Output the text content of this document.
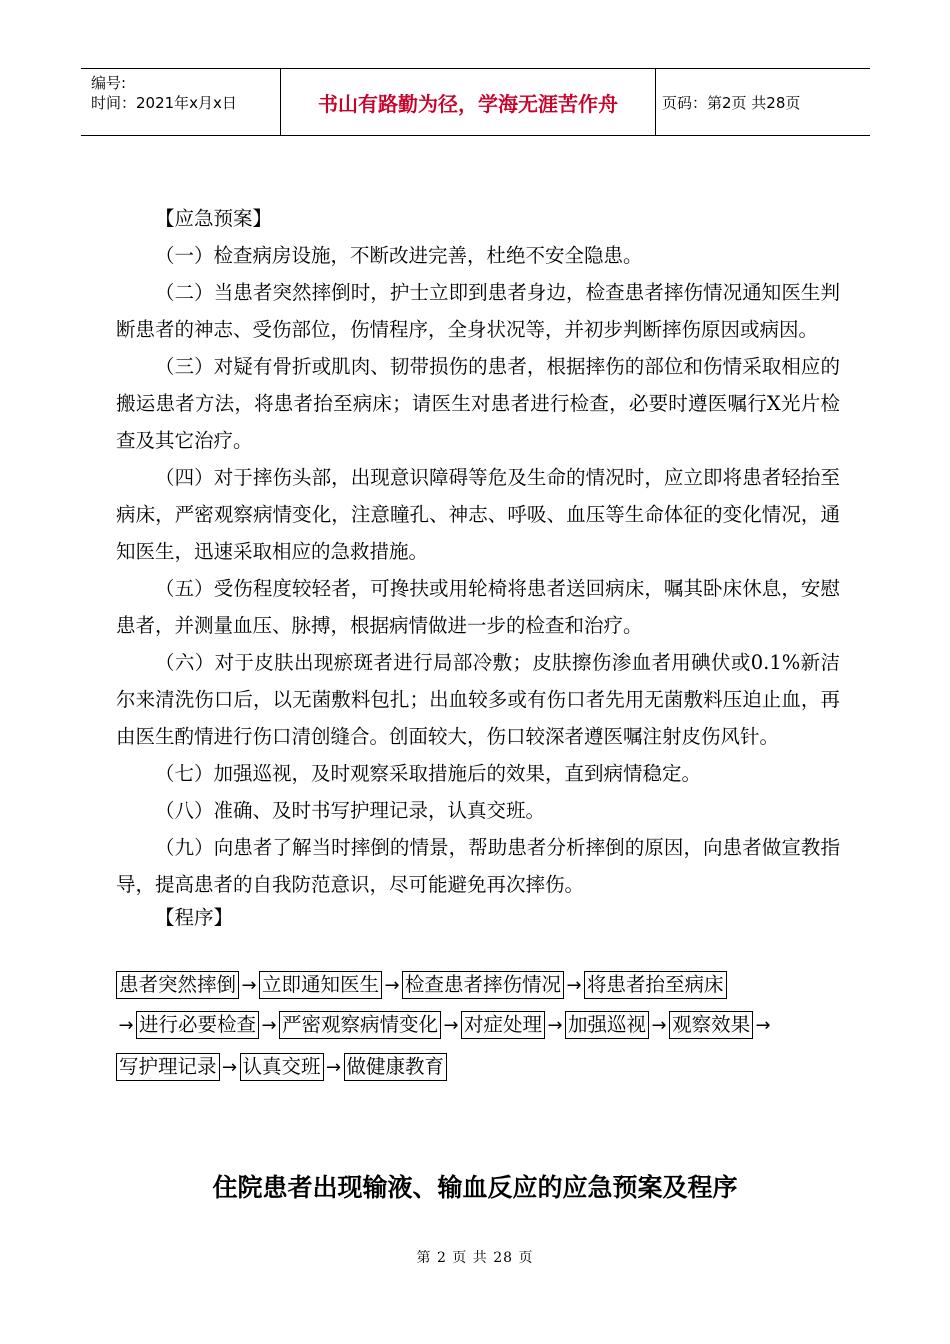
编号:
时间：2021年x月x日	书山有路勤为径，学海无涯苦作舟	页码：第2页 共28页

【应急预案】

（一）检查病房设施，不断改进完善，杜绝不安全隐患。

（二）当患者突然摔倒时，护士立即到患者身边，检查患者摔伤情况通知医生判断患者的神志、受伤部位，伤情程序，全身状况等，并初步判断摔伤原因或病因。

（三）对疑有骨折或肌肉、韧带损伤的患者，根据摔伤的部位和伤情采取相应的搬运患者方法，将患者抬至病床；请医生对患者进行检查，必要时遵医嘱行X光片检查及其它治疗。

（四）对于摔伤头部，出现意识障碍等危及生命的情况时，应立即将患者轻抬至病床，严密观察病情变化，注意瞳孔、神志、呼吸、血压等生命体征的变化情况，通知医生，迅速采取相应的急救措施。

（五）受伤程度较轻者，可搀扶或用轮椅将患者送回病床，嘱其卧床休息，安慰患者，并测量血压、脉搏，根据病情做进一步的检查和治疗。

（六）对于皮肤出现瘀斑者进行局部冷敷；皮肤擦伤渗血者用碘伏或0.1%新洁尔来清洗伤口后，以无菌敷料包扎；出血较多或有伤口者先用无菌敷料压迫止血，再由医生酌情进行伤口清创缝合。创面较大，伤口较深者遵医嘱注射皮伤风针。

（七）加强巡视，及时观察采取措施后的效果，直到病情稳定。

（八）准确、及时书写护理记录，认真交班。

（九）向患者了解当时摔倒的情景，帮助患者分析摔倒的原因，向患者做宣教指导，提高患者的自我防范意识，尽可能避免再次摔伤。

【程序】

患者突然摔倒 → 立即通知医生 → 检查患者摔伤情况 → 将患者抬至病床
→ 进行必要检查 → 严密观察病情变化 → 对症处理 → 加强巡视 → 观察效果 →
写护理记录 → 认真交班 → 做健康教育
住院患者出现输液、输血反应的应急预案及程序
第 2 页 共 28 页
